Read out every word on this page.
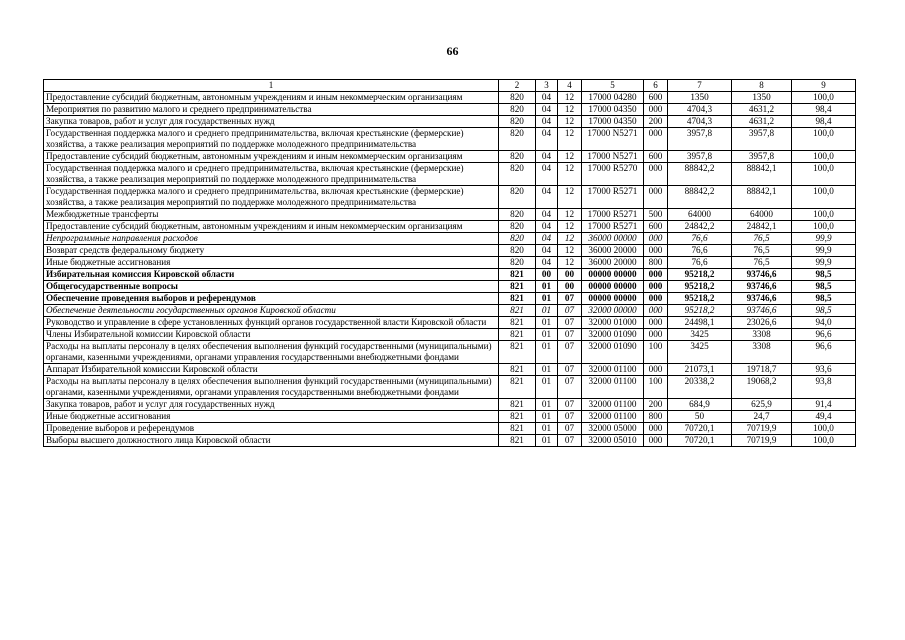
66
1	2	3	4	5	6	7	8	9
Предоставление субсидий бюджетным, автономным учреждениям и иным некоммерческим организациям	820	04	12	17000 04280	600	1350	1350	100,0
Мероприятия по развитию малого и среднего предпринимательства	820	04	12	17000 04350	000	4704,3	4631,2	98,4
Закупка товаров, работ и услуг для государственных нужд	820	04	12	17000 04350	200	4704,3	4631,2	98,4
Государственная поддержка малого и среднего предпринимательства, включая крестьянские (фермерские) хозяйства, а также реализация мероприятий по поддержке молодежного предпринимательства	820	04	12	17000 N5271	000	3957,8	3957,8	100,0
Предоставление субсидий бюджетным, автономным учреждениям и иным некоммерческим организациям	820	04	12	17000 N5271	600	3957,8	3957,8	100,0
Государственная поддержка малого и среднего предпринимательства, включая крестьянские (фермерские) хозяйства, а также реализация мероприятий по поддержке молодежного предпринимательства	820	04	12	17000 R5270	000	88842,2	88842,1	100,0
Государственная поддержка малого и среднего предпринимательства, включая крестьянские (фермерские) хозяйства, а также реализация мероприятий по поддержке молодежного предпринимательства	820	04	12	17000 R5271	000	88842,2	88842,1	100,0
Межбюджетные трансферты	820	04	12	17000 R5271	500	64000	64000	100,0
Предоставление субсидий бюджетным, автономным учреждениям и иным некоммерческим организациям	820	04	12	17000 R5271	600	24842,2	24842,1	100,0
Непрограммные направления расходов	820	04	12	36000 00000	000	76,6	76,5	99,9
Возврат средств федеральному бюджету	820	04	12	36000 20000	000	76,6	76,5	99,9
Иные бюджетные ассигнования	820	04	12	36000 20000	800	76,6	76,5	99,9
Избирательная комиссия Кировской области	821	00	00	00000 00000	000	95218,2	93746,6	98,5
Общегосударственные вопросы	821	01	00	00000 00000	000	95218,2	93746,6	98,5
Обеспечение проведения выборов и референдумов	821	01	07	00000 00000	000	95218,2	93746,6	98,5
Обеспечение деятельности государственных органов Кировской области	821	01	07	32000 00000	000	95218,2	93746,6	98,5
Руководство и управление в сфере установленных функций органов государственной власти Кировской области	821	01	07	32000 01000	000	24498,1	23026,6	94,0
Члены Избирательной комиссии Кировской области	821	01	07	32000 01090	000	3425	3308	96,6
Расходы на выплаты персоналу в целях обеспечения выполнения функций государственными (муниципальными) органами, казенными учреждениями, органами управления государственными внебюджетными фондами	821	01	07	32000 01090	100	3425	3308	96,6
Аппарат Избирательной комиссии Кировской области	821	01	07	32000 01100	000	21073,1	19718,7	93,6
Расходы на выплаты персоналу в целях обеспечения выполнения функций государственными (муниципальными) органами, казенными учреждениями, органами управления государственными внебюджетными фондами	821	01	07	32000 01100	100	20338,2	19068,2	93,8
Закупка товаров, работ и услуг для государственных нужд	821	01	07	32000 01100	200	684,9	625,9	91,4
Иные бюджетные ассигнования	821	01	07	32000 01100	800	50	24,7	49,4
Проведение выборов и референдумов	821	01	07	32000 05000	000	70720,1	70719,9	100,0
Выборы высшего должностного лица Кировской области	821	01	07	32000 05010	000	70720,1	70719,9	100,0
